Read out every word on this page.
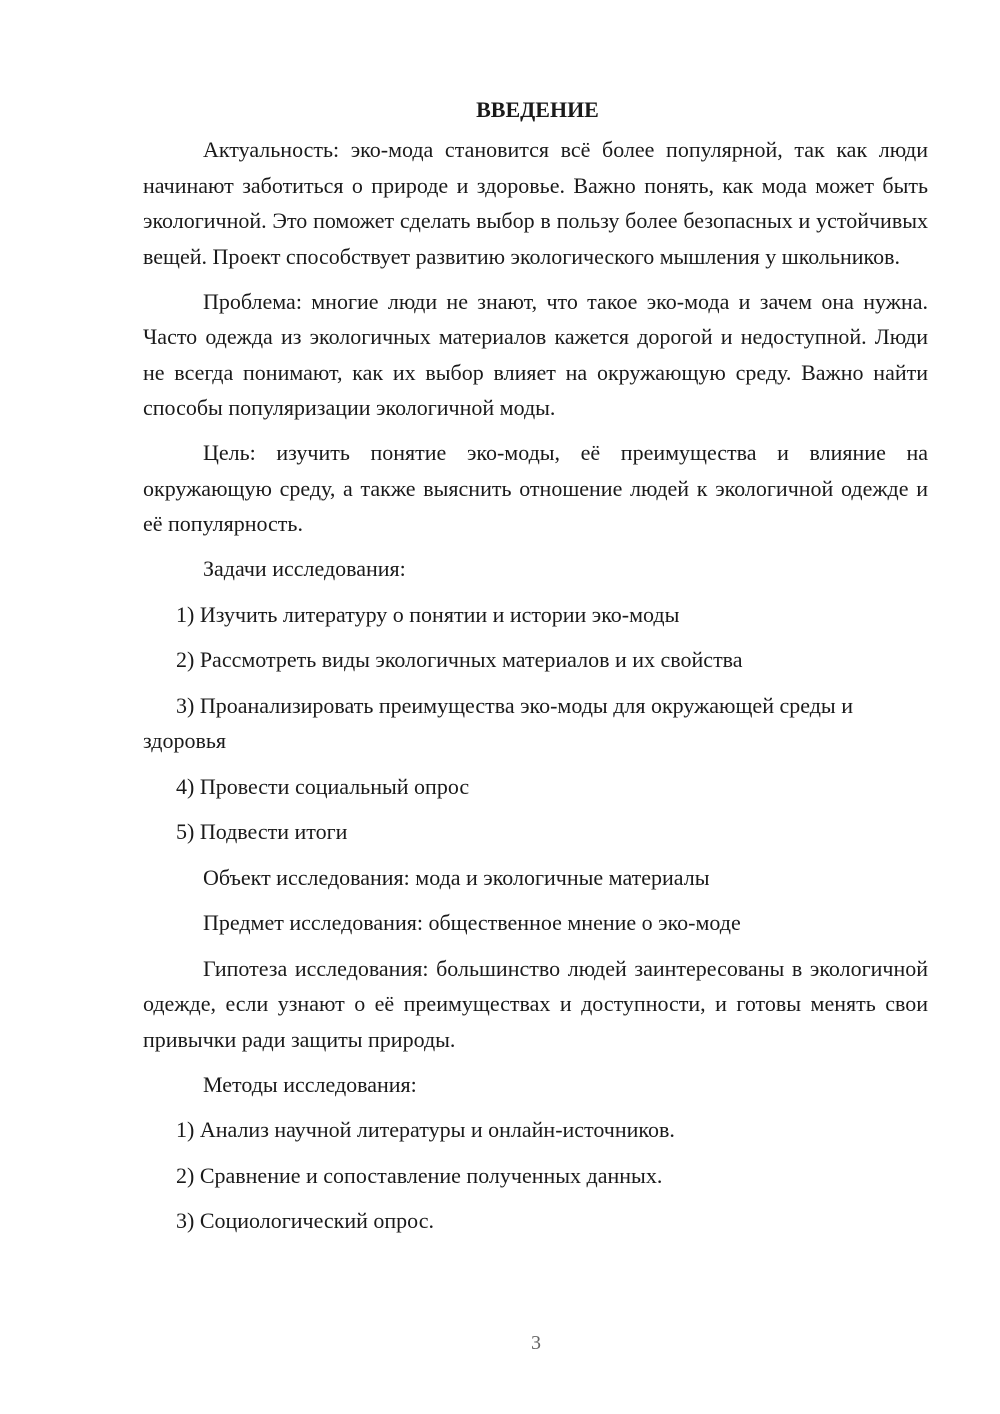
ВВЕДЕНИЕ

Актуальность: эко-мода становится всё более популярной, так как люди начинают заботиться о природе и здоровье. Важно понять, как мода может быть экологичной. Это поможет сделать выбор в пользу более безопасных и устойчивых вещей. Проект способствует развитию экологического мышления у школьников.

Проблема: многие люди не знают, что такое эко-мода и зачем она нужна. Часто одежда из экологичных материалов кажется дорогой и недоступной. Люди не всегда понимают, как их выбор влияет на окружающую среду. Важно найти способы популяризации экологичной моды.

Цель: изучить понятие эко-моды, её преимущества и влияние на окружающую среду, а также выяснить отношение людей к экологичной одежде и её популярность.

Задачи исследования:

1) Изучить литературу о понятии и истории эко-моды

2) Рассмотреть виды экологичных материалов и их свойства

3) Проанализировать преимущества эко-моды для окружающей среды и здоровья

4) Провести социальный опрос

5) Подвести итоги

Объект исследования: мода и экологичные материалы

Предмет исследования: общественное мнение о эко-моде

Гипотеза исследования: большинство людей заинтересованы в экологичной одежде, если узнают о её преимуществах и доступности, и готовы менять свои привычки ради защиты природы.

Методы исследования:

1) Анализ научной литературы и онлайн-источников.

2) Сравнение и сопоставление полученных данных.

3) Социологический опрос.

3
